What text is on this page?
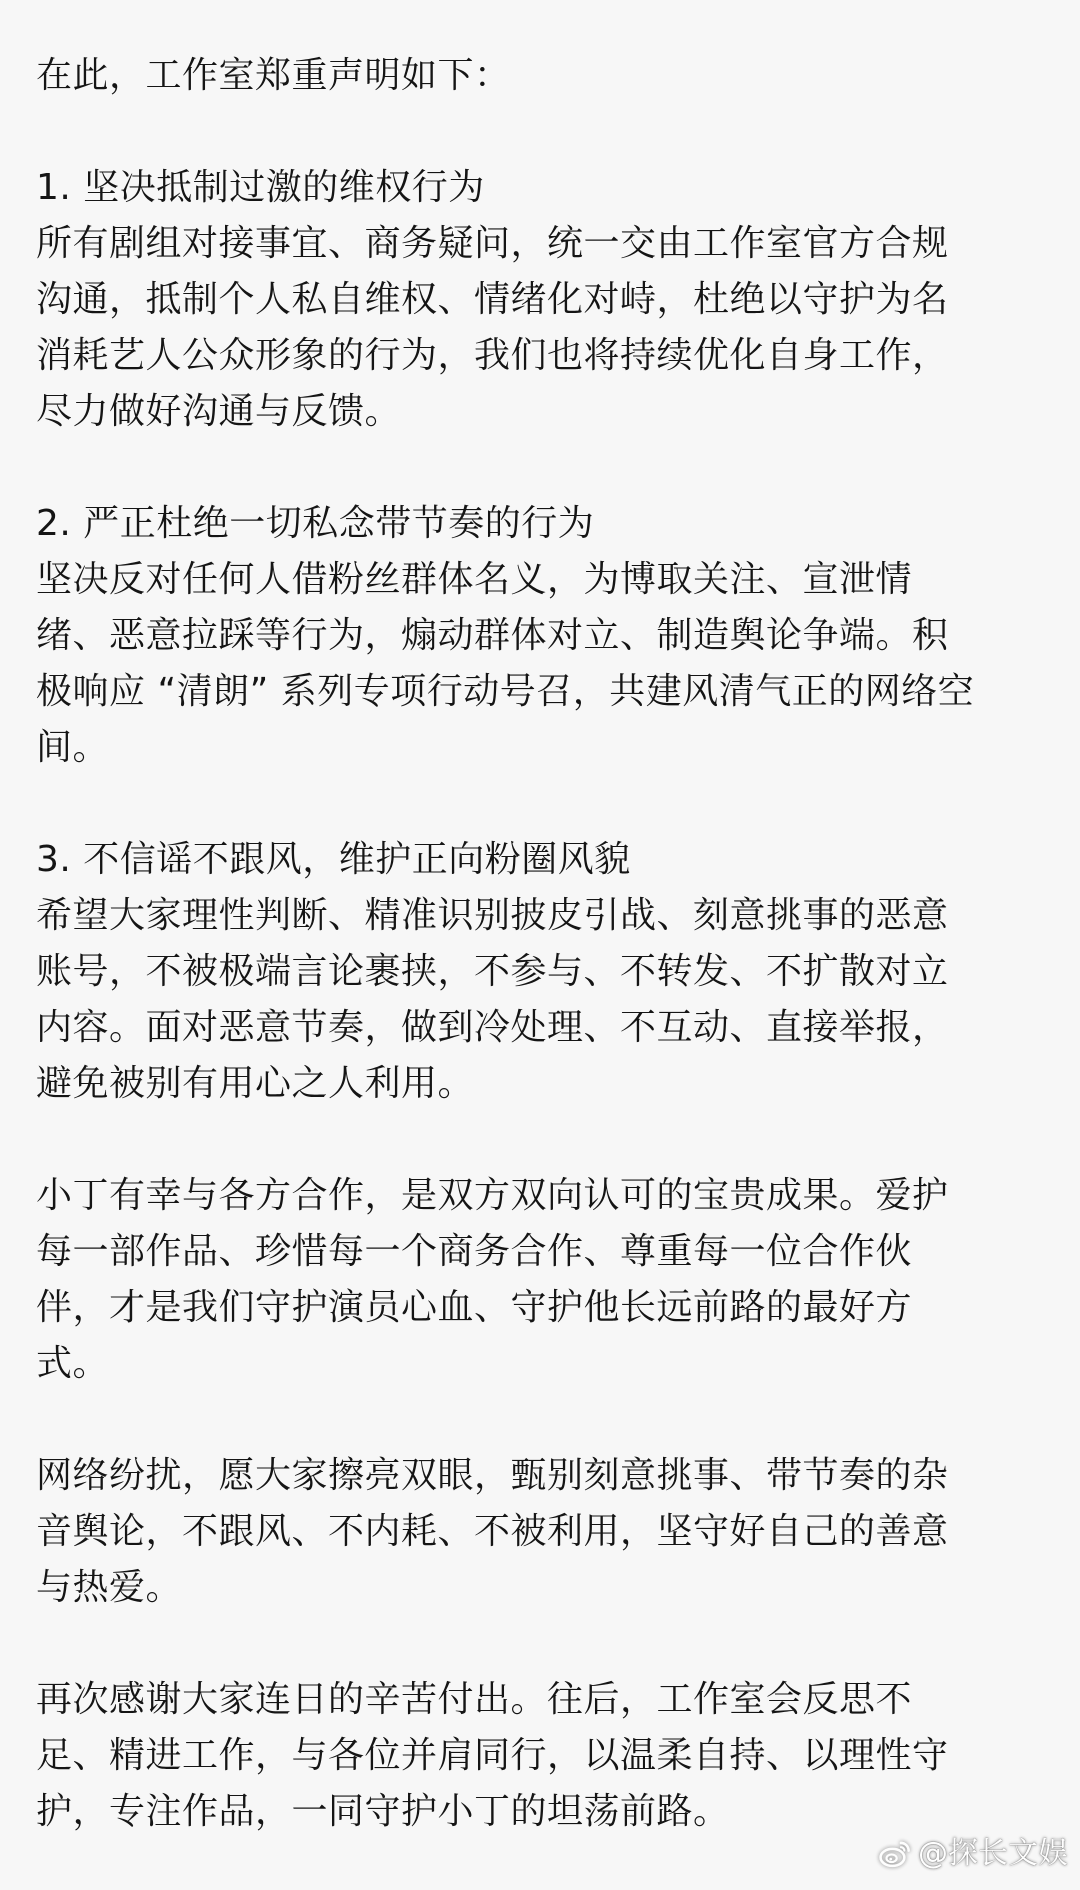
在此，工作室郑重声明如下：
1. 坚决抵制过激的维权行为
所有剧组对接事宜、商务疑问，统一交由工作室官方合规
沟通，抵制个人私自维权、情绪化对峙，杜绝以守护为名
消耗艺人公众形象的行为，我们也将持续优化自身工作，
尽力做好沟通与反馈。
2. 严正杜绝一切私念带节奏的行为
坚决反对任何人借粉丝群体名义，为博取关注、宣泄情
绪、恶意拉踩等行为，煽动群体对立、制造舆论争端。积
极响应 “清朗” 系列专项行动号召，共建风清气正的网络空
间。
3. 不信谣不跟风，维护正向粉圈风貌
希望大家理性判断、精准识别披皮引战、刻意挑事的恶意
账号，不被极端言论裹挟，不参与、不转发、不扩散对立
内容。面对恶意节奏，做到冷处理、不互动、直接举报，
避免被别有用心之人利用。
小丁有幸与各方合作，是双方双向认可的宝贵成果。爱护
每一部作品、珍惜每一个商务合作、尊重每一位合作伙
伴，才是我们守护演员心血、守护他长远前路的最好方
式。
网络纷扰，愿大家擦亮双眼，甄别刻意挑事、带节奏的杂
音舆论，不跟风、不内耗、不被利用，坚守好自己的善意
与热爱。
再次感谢大家连日的辛苦付出。往后，工作室会反思不
足、精进工作，与各位并肩同行，以温柔自持、以理性守
护，专注作品，一同守护小丁的坦荡前路。
@探长文娱
